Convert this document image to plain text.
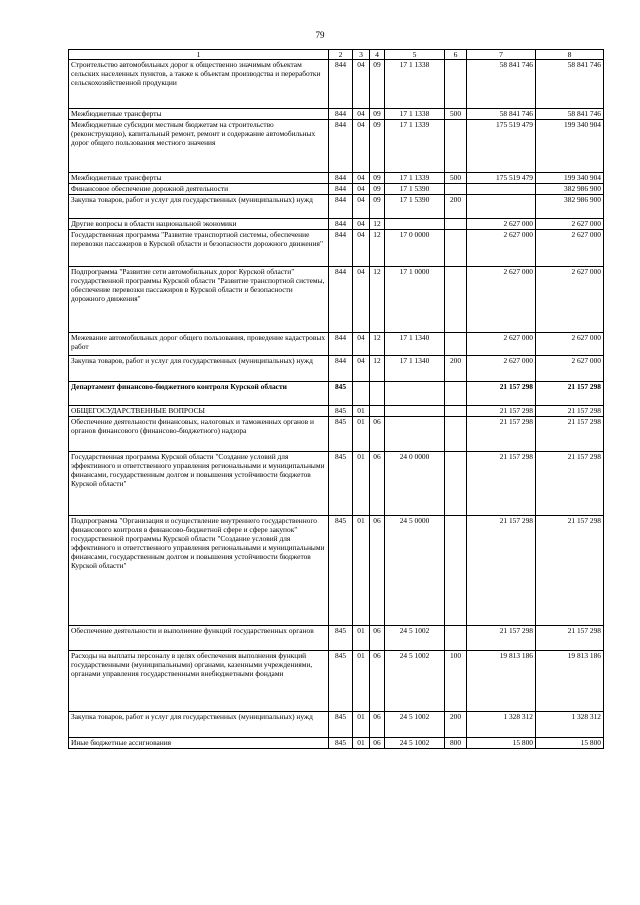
79
1	2	3	4	5	6	7	8
Строительство автомобильных дорог к общественно значимым объектам сельских населенных пунктов, а также к объектам производства и переработки сельскохозяйственной продукции	844	04	09	17 1 1338		58 841 746	58 841 746
Межбюджетные трансферты	844	04	09	17 1 1338	500	58 841 746	58 841 746
Межбюджетные субсидии местным бюджетам на строительство (реконструкцию), капитальный ремонт, ремонт и содержание автомобильных дорог общего пользования местного значения	844	04	09	17 1 1339		175 519 479	199 340 904
Межбюджетные трансферты	844	04	09	17 1 1339	500	175 519 479	199 340 904
Финансовое обеспечение дорожной деятельности	844	04	09	17 1 5390			382 986 900
Закупка товаров, работ и услуг для государственных (муниципальных) нужд	844	04	09	17 1 5390	200		382 986 900
Другие вопросы в области национальной экономики	844	04	12			2 627 000	2 627 000
Государственная программа "Развитие транспортной системы, обеспечение перевозки пассажиров в Курской области и безопасности дорожного движения"	844	04	12	17 0 0000		2 627 000	2 627 000
Подпрограмма "Развитие сети автомобильных дорог Курской области" государственной программы Курской области "Развитие транспортной системы, обеспечение перевозки пассажиров в Курской области и безопасности дорожного движения"	844	04	12	17 1 0000		2 627 000	2 627 000
Межевание автомобильных дорог общего пользования, проведение кадастровых работ	844	04	12	17 1 1340		2 627 000	2 627 000
Закупка товаров, работ и услуг для государственных (муниципальных) нужд	844	04	12	17 1 1340	200	2 627 000	2 627 000
Департамент финансово-бюджетного контроля Курской области	845					21 157 298	21 157 298
ОБЩЕГОСУДАРСТВЕННЫЕ ВОПРОСЫ	845	01				21 157 298	21 157 298
Обеспечение деятельности финансовых, налоговых и таможенных органов и органов финансового (финансово-бюджетного) надзора	845	01	06			21 157 298	21 157 298
Государственная программа Курской области "Создание условий для эффективного и ответственного управления региональными и муниципальными финансами, государственным долгом и повышения устойчивости бюджетов Курской области"	845	01	06	24 0 0000		21 157 298	21 157 298
Подпрограмма "Организация и осуществление внутреннего государственного финансового контроля в финансово-бюджетной сфере и сфере закупок" государственной программы Курской области "Создание условий для эффективного и ответственного управления региональными и муниципальными финансами, государственным долгом и повышения устойчивости бюджетов Курской области"	845	01	06	24 5 0000		21 157 298	21 157 298
Обеспечение деятельности и выполнение функций государственных органов	845	01	06	24 5 1002		21 157 298	21 157 298
Расходы на выплаты персоналу в целях обеспечения выполнения функций государственными (муниципальными) органами, казенными учреждениями, органами управления государственными внебюджетными фондами	845	01	06	24 5 1002	100	19 813 186	19 813 186
Закупка товаров, работ и услуг для государственных (муниципальных) нужд	845	01	06	24 5 1002	200	1 328 312	1 328 312
Иные бюджетные ассигнования	845	01	06	24 5 1002	800	15 800	15 800
